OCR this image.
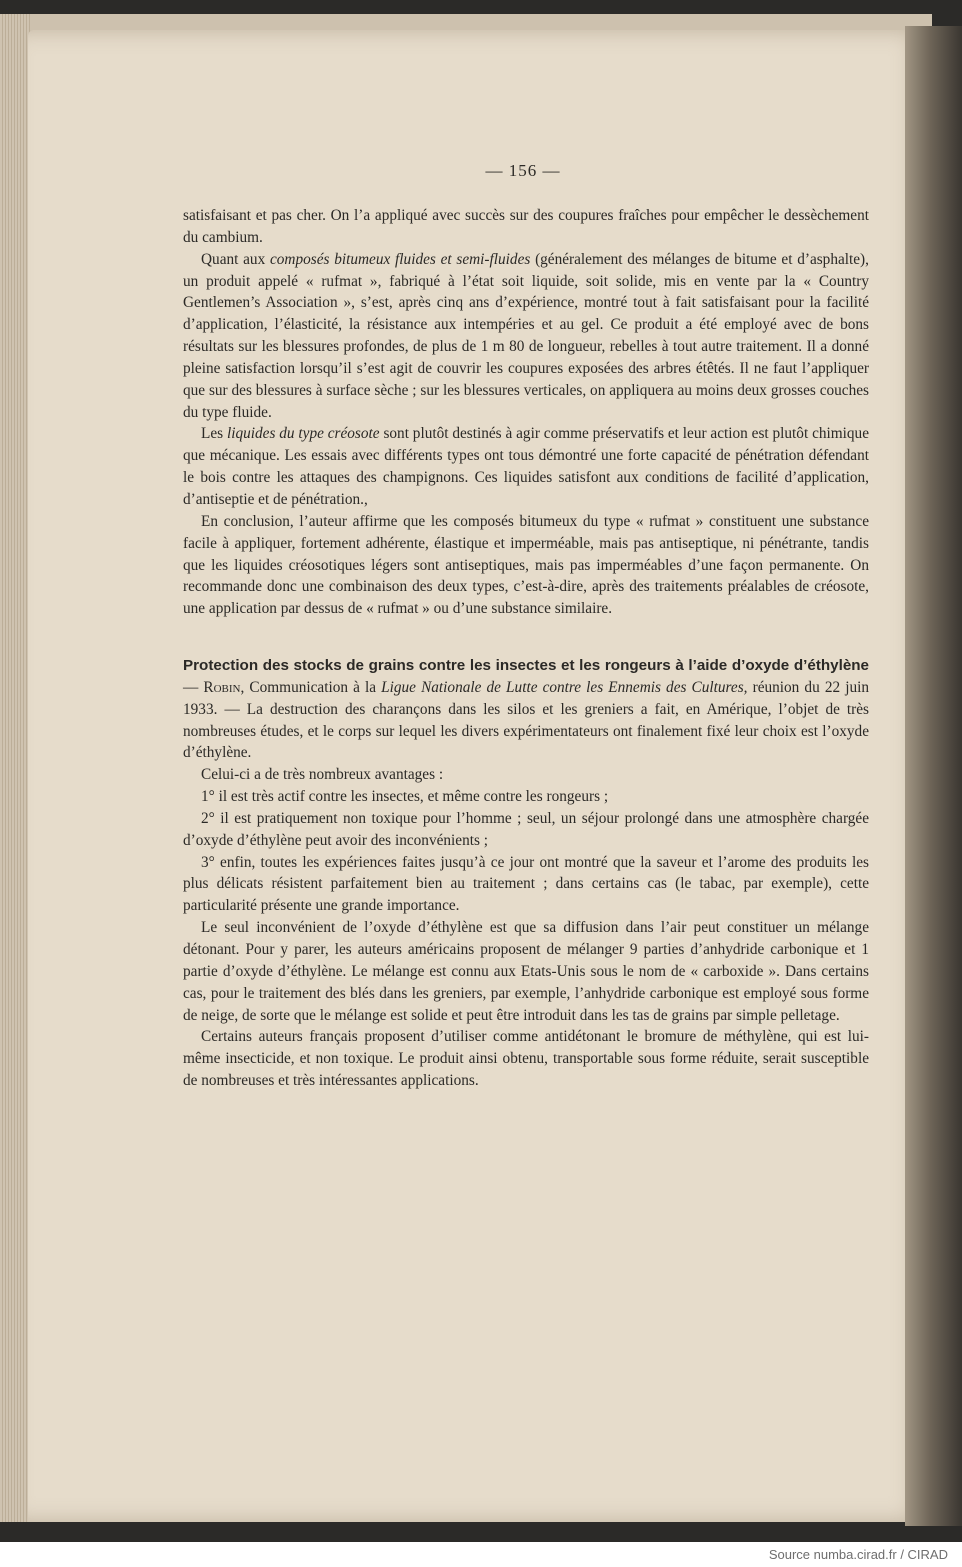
— 156 —

satisfaisant et pas cher. On l’a appliqué avec succès sur des coupures fraîches pour empêcher le dessèchement du cambium.

Quant aux composés bitumeux fluides et semi-fluides (généralement des mélanges de bitume et d’asphalte), un produit appelé « rufmat », fabriqué à l’état soit liquide, soit solide, mis en vente par la « Country Gentlemen’s Association », s’est, après cinq ans d’expérience, montré tout à fait satisfaisant pour la facilité d’application, l’élasticité, la résistance aux intempéries et au gel. Ce produit a été employé avec de bons résultats sur les blessures profondes, de plus de 1 m 80 de longueur, rebelles à tout autre traitement. Il a donné pleine satisfaction lorsqu’il s’est agit de couvrir les coupures exposées des arbres étêtés. Il ne faut l’appliquer que sur des blessures à surface sèche ; sur les blessures verticales, on appliquera au moins deux grosses couches du type fluide.

Les liquides du type créosote sont plutôt destinés à agir comme préservatifs et leur action est plutôt chimique que mécanique. Les essais avec différents types ont tous démontré une forte capacité de pénétration défendant le bois contre les attaques des champignons. Ces liquides satisfont aux conditions de facilité d’application, d’antiseptie et de pénétration.,

En conclusion, l’auteur affirme que les composés bitumeux du type « rufmat » constituent une substance facile à appliquer, fortement adhérente, élastique et imperméable, mais pas antiseptique, ni pénétrante, tandis que les liquides créosotiques légers sont antiseptiques, mais pas imperméables d’une façon permanente. On recommande donc une combinaison des deux types, c’est-à-dire, après des traitements préalables de créosote, une application par dessus de « rufmat » ou d’une substance similaire.

Protection des stocks de grains contre les insectes et les rongeurs à l’aide d’oxyde d’éthylène — Robin, Communication à la Ligue Nationale de Lutte contre les Ennemis des Cultures, réunion du 22 juin 1933. — La destruction des charançons dans les silos et les greniers a fait, en Amérique, l’objet de très nombreuses études, et le corps sur lequel les divers expérimentateurs ont finalement fixé leur choix est l’oxyde d’éthylène.

Celui-ci a de très nombreux avantages :

1° il est très actif contre les insectes, et même contre les rongeurs ;

2° il est pratiquement non toxique pour l’homme ; seul, un séjour prolongé dans une atmosphère chargée d’oxyde d’éthylène peut avoir des inconvénients ;

3° enfin, toutes les expériences faites jusqu’à ce jour ont montré que la saveur et l’arome des produits les plus délicats résistent parfaitement bien au traitement ; dans certains cas (le tabac, par exemple), cette particularité présente une grande importance.

Le seul inconvénient de l’oxyde d’éthylène est que sa diffusion dans l’air peut constituer un mélange détonant. Pour y parer, les auteurs américains proposent de mélanger 9 parties d’anhydride carbonique et 1 partie d’oxyde d’éthylène. Le mélange est connu aux Etats-Unis sous le nom de « carboxide ». Dans certains cas, pour le traitement des blés dans les greniers, par exemple, l’anhydride carbonique est employé sous forme de neige, de sorte que le mélange est solide et peut être introduit dans les tas de grains par simple pelletage.

Certains auteurs français proposent d’utiliser comme antidétonant le bromure de méthylène, qui est lui-même insecticide, et non toxique. Le produit ainsi obtenu, transportable sous forme réduite, serait susceptible de nombreuses et très intéressantes applications.

Source numba.cirad.fr / CIRAD
